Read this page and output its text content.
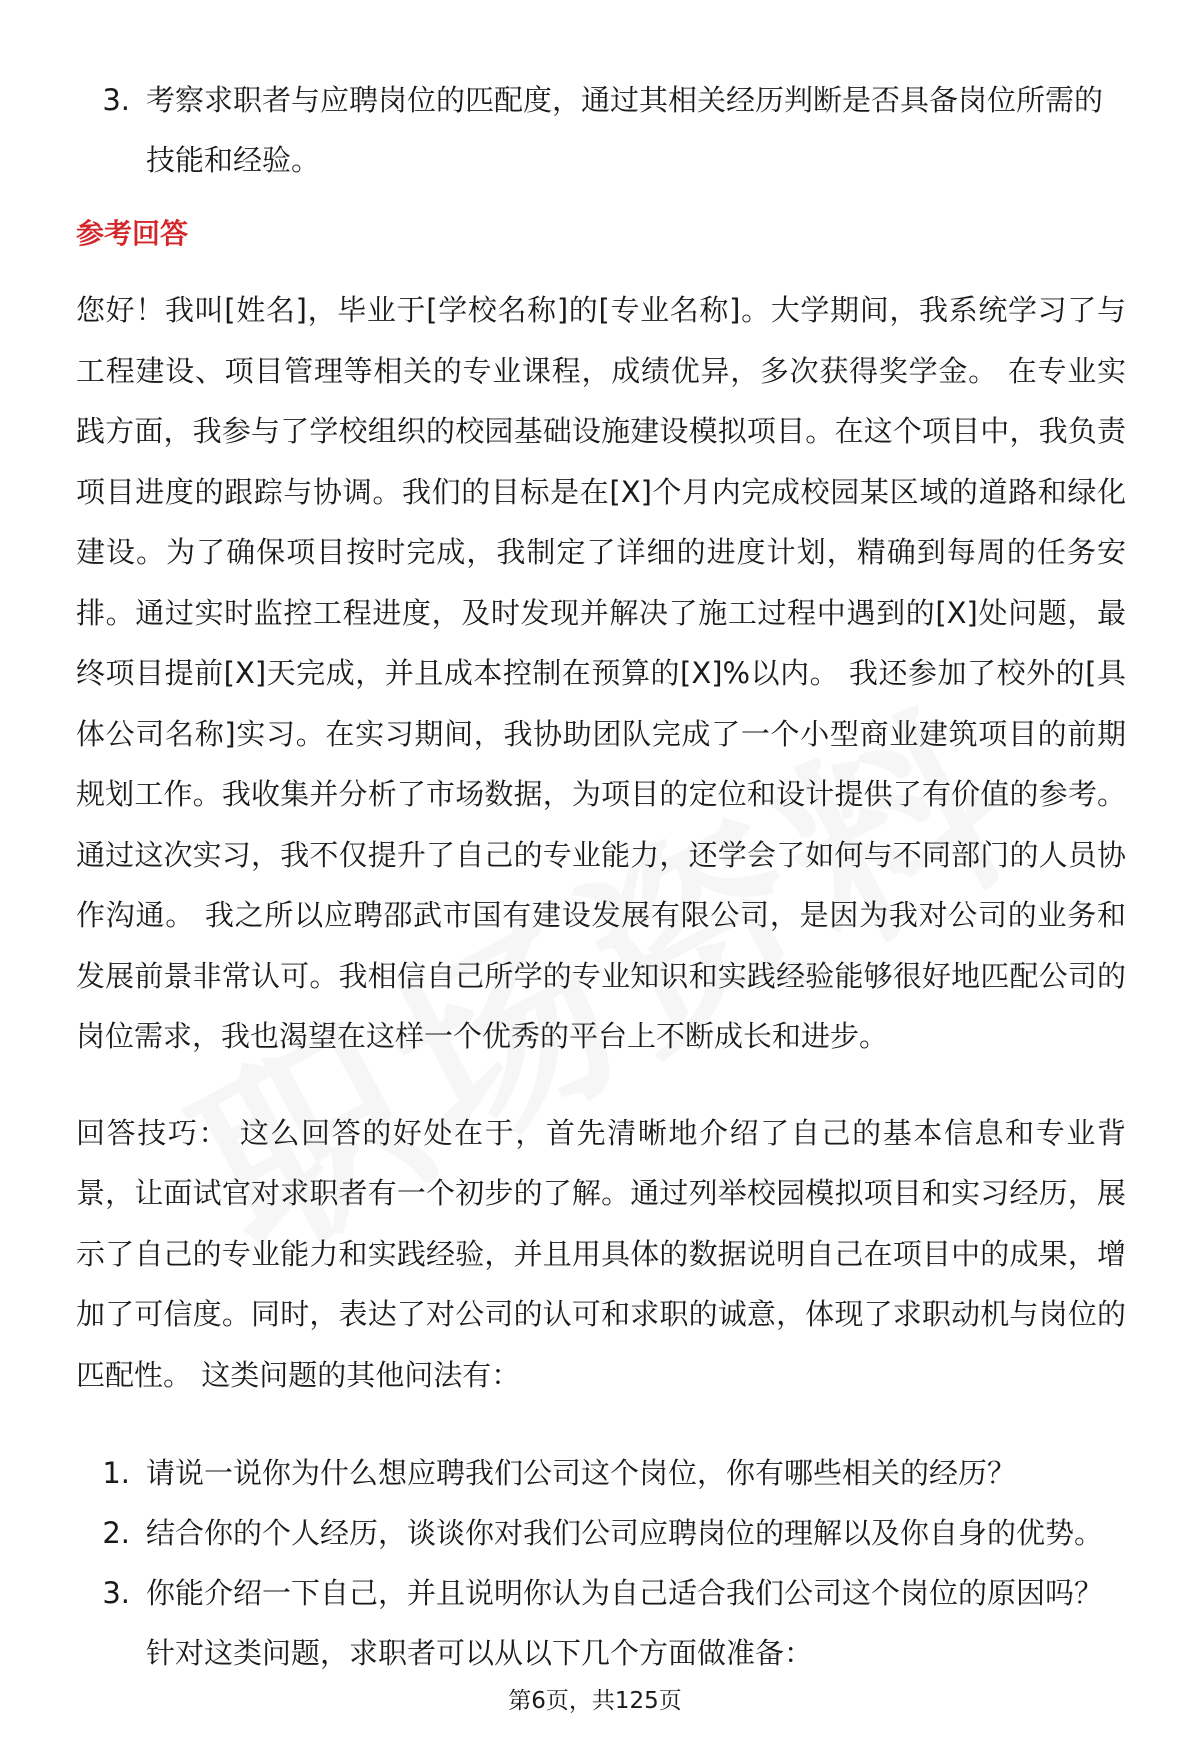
3. 考察求职者与应聘岗位的匹配度，通过其相关经历判断是否具备岗位所需的技能和经验。
参考回答

您好！我叫[姓名]，毕业于[学校名称]的[专业名称]。大学期间，我系统学习了与工程建设、项目管理等相关的专业课程，成绩优异，多次获得奖学金。 在专业实践方面，我参与了学校组织的校园基础设施建设模拟项目。在这个项目中，我负责项目进度的跟踪与协调。我们的目标是在[X]个月内完成校园某区域的道路和绿化建设。为了确保项目按时完成，我制定了详细的进度计划，精确到每周的任务安排。通过实时监控工程进度，及时发现并解决了施工过程中遇到的[X]处问题，最终项目提前[X]天完成，并且成本控制在预算的[X]%以内。 我还参加了校外的[具体公司名称]实习。在实习期间，我协助团队完成了一个小型商业建筑项目的前期规划工作。我收集并分析了市场数据，为项目的定位和设计提供了有价值的参考。通过这次实习，我不仅提升了自己的专业能力，还学会了如何与不同部门的人员协作沟通。 我之所以应聘邵武市国有建设发展有限公司，是因为我对公司的业务和发展前景非常认可。我相信自己所学的专业知识和实践经验能够很好地匹配公司的岗位需求，我也渴望在这样一个优秀的平台上不断成长和进步。

回答技巧： 这么回答的好处在于，首先清晰地介绍了自己的基本信息和专业背景，让面试官对求职者有一个初步的了解。通过列举校园模拟项目和实习经历，展示了自己的专业能力和实践经验，并且用具体的数据说明自己在项目中的成果，增加了可信度。同时，表达了对公司的认可和求职的诚意，体现了求职动机与岗位的匹配性。 这类问题的其他问法有：

1. 请说一说你为什么想应聘我们公司这个岗位，你有哪些相关的经历？
2. 结合你的个人经历，谈谈你对我们公司应聘岗位的理解以及你自身的优势。
3. 你能介绍一下自己，并且说明你认为自己适合我们公司这个岗位的原因吗？ 针对这类问题，求职者可以从以下几个方面做准备：
第6页，共125页
